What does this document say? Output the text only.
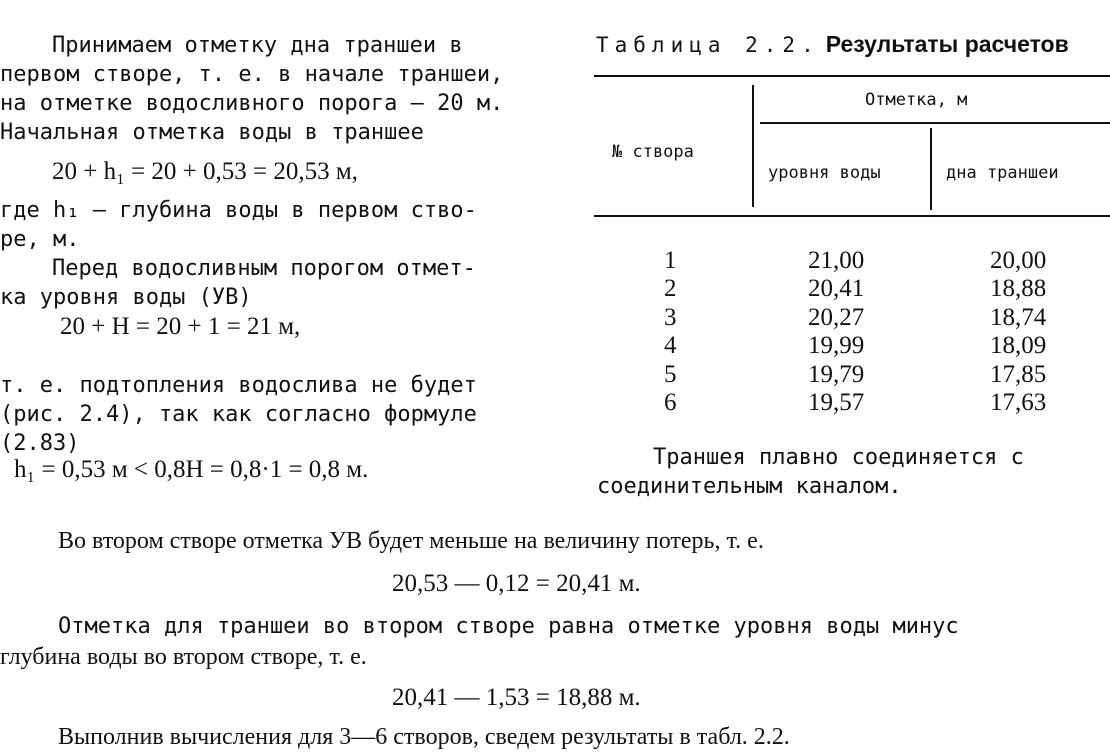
Принимаем отметку дна траншеи в
первом створе, т. е. в начале траншеи,
на отметке водосливного порога — 20 м.
Начальная отметка воды в траншее
20 + h₁ = 20 + 0,53 = 20,53 м,
где h₁ — глубина воды в первом ство-
ре, м.
Перед водосливным порогом отмет-
ка уровня воды (УВ)
20 + H = 20 + 1 = 21 м,
т. е. подтопления водослива не будет
(рис. 2.4), так как согласно формуле
(2.83)
h₁ = 0,53 м < 0,8H = 0,8·1 = 0,8 м.
Таблица 2.2. Результаты расчетов
№ створа
Отметка, м
уровня воды	дна траншеи
1	21,00	20,00
2	20,41	18,88
3	20,27	18,74
4	19,99	18,09
5	19,79	17,85
6	19,57	17,63
Траншея плавно соединяется с
соединительным каналом.
Во втором створе отметка УВ будет меньше на величину потерь, т. е.
20,53 — 0,12 = 20,41 м.
Отметка для траншеи во втором створе равна отметке уровня воды минус
глубина воды во втором створе, т. е.
20,41 — 1,53 = 18,88 м.
Выполнив вычисления для 3—6 створов, сведем результаты в табл. 2.2.
